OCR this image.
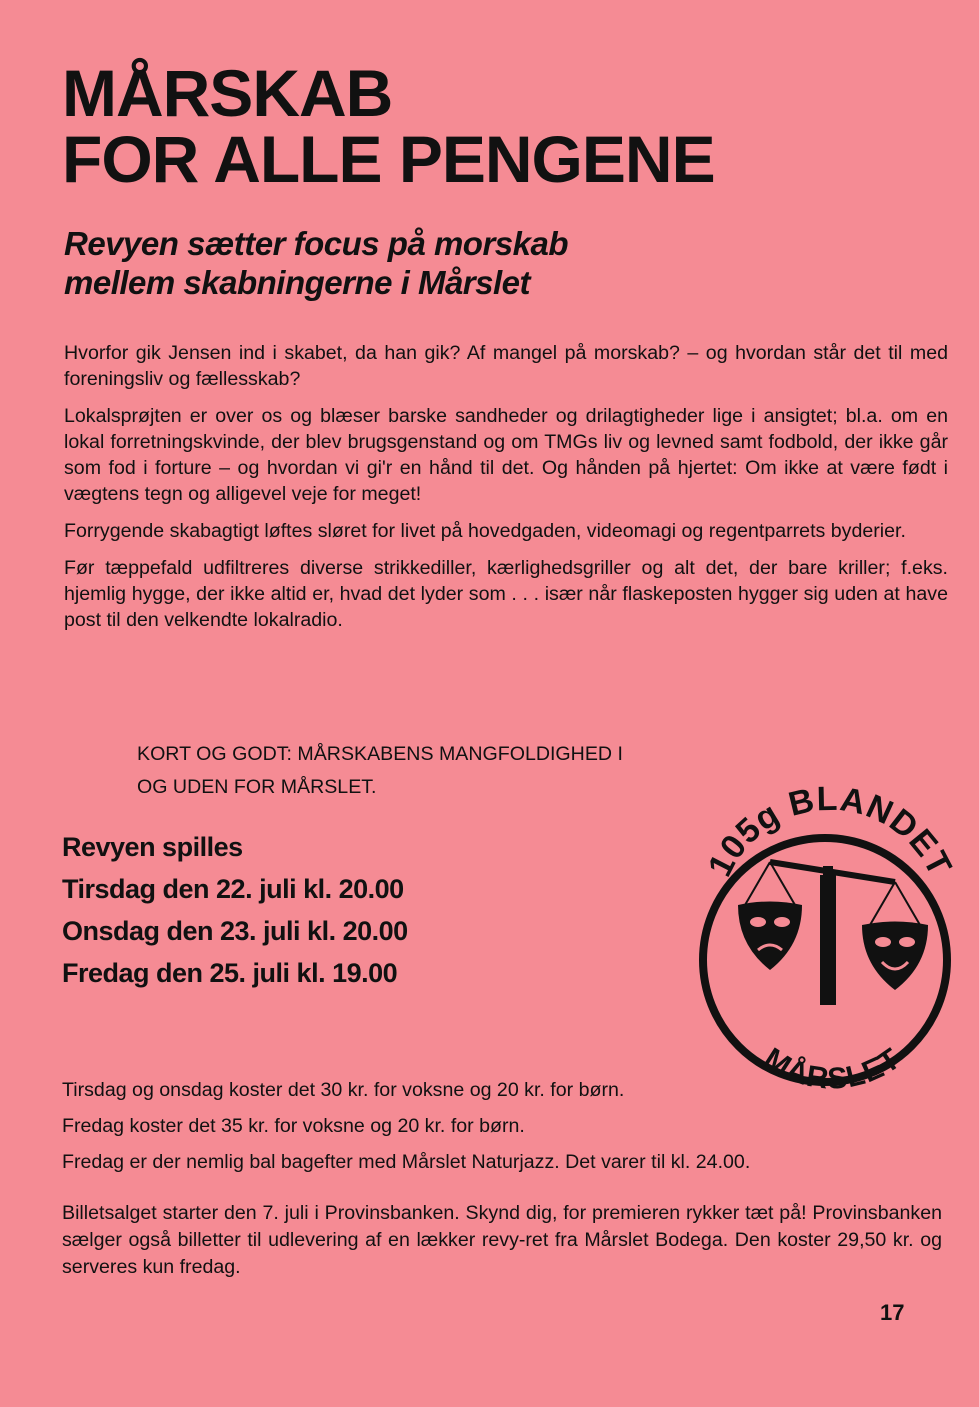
MÅRSKAB
FOR ALLE PENGENE
Revyen sætter focus på morskab
mellem skabningerne i Mårslet

Hvorfor gik Jensen ind i skabet, da han gik? Af mangel på morskab? – og hvordan står det til med foreningsliv og fællesskab?

Lokalsprøjten er over os og blæser barske sandheder og drilagtigheder lige i ansigtet; bl.a. om en lokal forretningskvinde, der blev brugsgenstand og om TMGs liv og levned samt fodbold, der ikke går som fod i forture – og hvordan vi gi'r en hånd til det. Og hånden på hjertet: Om ikke at være født i vægtens tegn og alligevel veje for meget!

Forrygende skabagtigt løftes sløret for livet på hovedgaden, videomagi og regentparrets byderier.

Før tæppefald udfiltreres diverse strikkediller, kærlighedsgriller og alt det, der bare kriller; f.eks. hjemlig hygge, der ikke altid er, hvad det lyder som . . . især når flaskeposten hygger sig uden at have post til den velkendte lokalradio.

KORT OG GODT: MÅRSKABENS MANGFOLDIGHED I
OG UDEN FOR MÅRSLET.
Revyen spilles
Tirsdag den 22. juli kl. 20.00
Onsdag den 23. juli kl. 20.00
Fredag den 25. juli kl. 19.00
105g BLANDET
MÅRSLET
Tirsdag og onsdag koster det 30 kr. for voksne og 20 kr. for børn.
Fredag koster det 35 kr. for voksne og 20 kr. for børn.
Fredag er der nemlig bal bagefter med Mårslet Naturjazz. Det varer til kl. 24.00.
Billetsalget starter den 7. juli i Provinsbanken. Skynd dig, for premieren rykker tæt på! Provinsbanken sælger også billetter til udlevering af en lækker revy-ret fra Mårslet Bodega. Den koster 29,50 kr. og serveres kun fredag.
17
